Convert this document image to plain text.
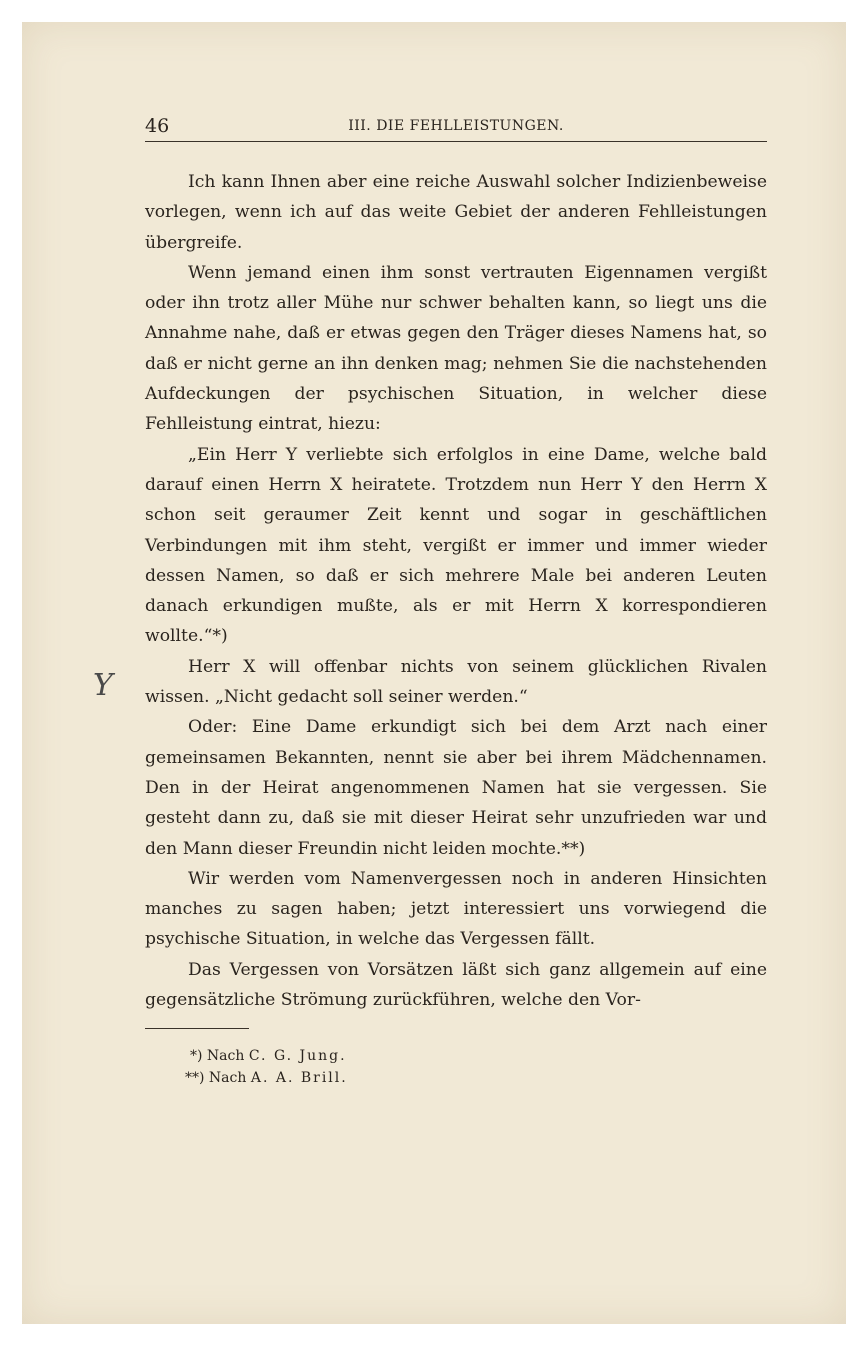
46	III. DIE FEHLLEISTUNGEN.

Ich kann Ihnen aber eine reiche Auswahl solcher Indizienbeweise vorlegen, wenn ich auf das weite Gebiet der anderen Fehlleistungen übergreife.

Wenn jemand einen ihm sonst vertrauten Eigennamen vergißt oder ihn trotz aller Mühe nur schwer behalten kann, so liegt uns die Annahme nahe, daß er etwas gegen den Träger dieses Namens hat, so daß er nicht gerne an ihn denken mag; nehmen Sie die nachstehenden Aufdeckungen der psychischen Situation, in welcher diese Fehlleistung eintrat, hiezu:

„Ein Herr Y verliebte sich erfolglos in eine Dame, welche bald darauf einen Herrn X heiratete. Trotzdem nun Herr Y den Herrn X schon seit geraumer Zeit kennt und sogar in geschäftlichen Verbindungen mit ihm steht, vergißt er immer und immer wieder dessen Namen, so daß er sich mehrere Male bei anderen Leuten danach erkundigen mußte, als er mit Herrn X korrespondieren wollte.“*)

Herr X will offenbar nichts von seinem glücklichen Rivalen wissen. „Nicht gedacht soll seiner werden.“

Oder: Eine Dame erkundigt sich bei dem Arzt nach einer gemeinsamen Bekannten, nennt sie aber bei ihrem Mädchennamen. Den in der Heirat angenommenen Namen hat sie vergessen. Sie gesteht dann zu, daß sie mit dieser Heirat sehr unzufrieden war und den Mann dieser Freundin nicht leiden mochte.**)

Wir werden vom Namenvergessen noch in anderen Hinsichten manches zu sagen haben; jetzt interessiert uns vorwiegend die psychische Situation, in welche das Vergessen fällt.

Das Vergessen von Vorsätzen läßt sich ganz allgemein auf eine gegensätzliche Strömung zurückführen, welche den Vor-

Y
*) Nach C. G. Jung.
**) Nach A. A. Brill.
